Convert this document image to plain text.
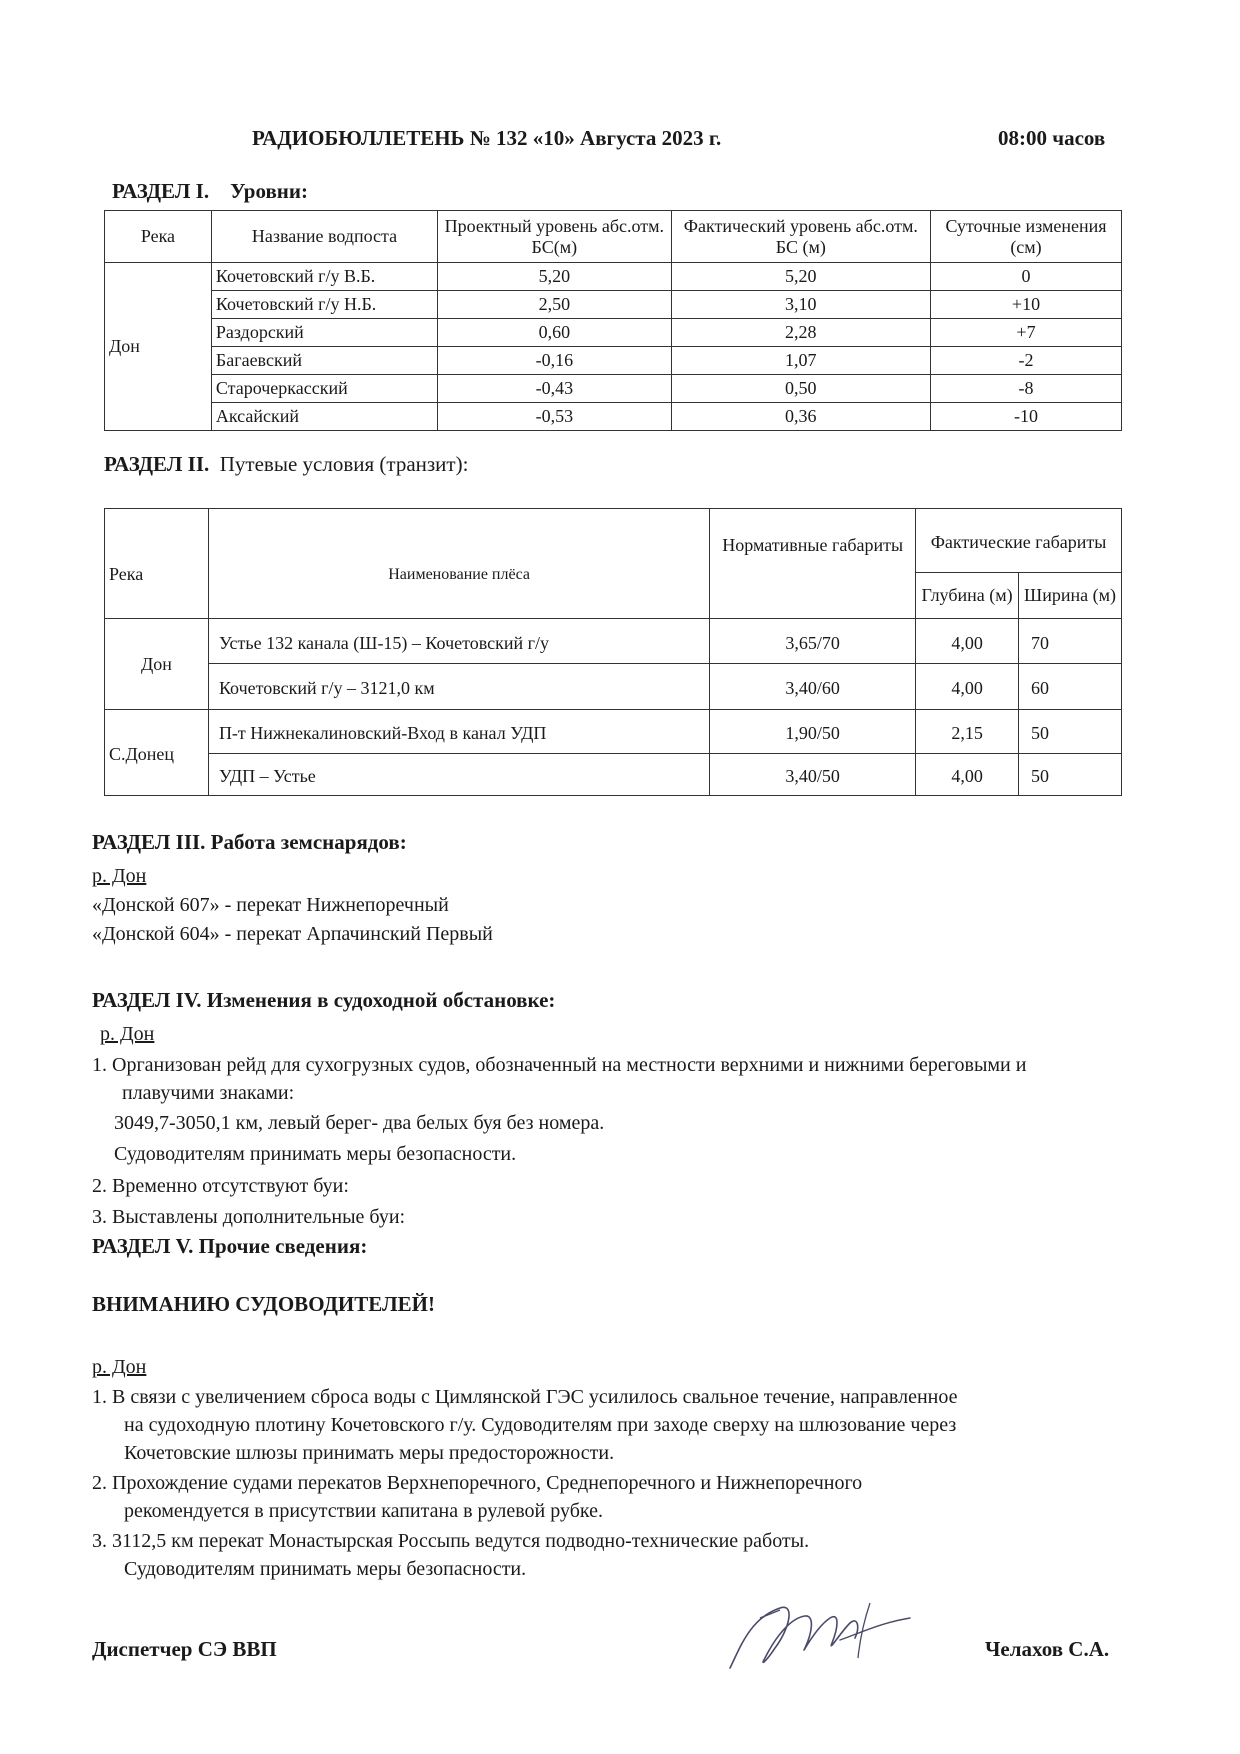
РАДИОБЮЛЛЕТЕНЬ № 132 «10» Августа 2023 г.	08:00 часов
РАЗДЕЛ I. Уровни:
Река	Название водпоста	Проектный уровень абс.отм. БС(м)	Фактический уровень абс.отм. БС (м)	Суточные изменения (см)
Дон	Кочетовский г/у В.Б.	5,20	5,20	0
	Кочетовский г/у Н.Б.	2,50	3,10	+10
	Раздорский	0,60	2,28	+7
	Багаевский	-0,16	1,07	-2
	Старочеркасский	-0,43	0,50	-8
	Аксайский	-0,53	0,36	-10
РАЗДЕЛ II. Путевые условия (транзит):
Река	Наименование плёса	Нормативные габариты	Фактические габариты	
			Глубина (м)	Ширина (м)
Дон	Устье 132 канала (Ш-15) – Кочетовский г/у	3,65/70	4,00	70
	Кочетовский г/у – 3121,0 км	3,40/60	4,00	60
С.Донец	П-т Нижнекалиновский-Вход в канал УДП	1,90/50	2,15	50
	УДП – Устье	3,40/50	4,00	50
РАЗДЕЛ III. Работа земснарядов:
р. Дон
«Донской 607» - перекат Нижнепоречный
«Донской 604» - перекат Арпачинский Первый
РАЗДЕЛ IV. Изменения в судоходной обстановке:
р. Дон
1. Организован рейд для сухогрузных судов, обозначенный на местности верхними и нижними береговыми и
плавучими знаками:
3049,7-3050,1 км, левый берег- два белых буя без номера.
Судоводителям принимать меры безопасности.
2. Временно отсутствуют буи:
3. Выставлены дополнительные буи:
РАЗДЕЛ V. Прочие сведения:
ВНИМАНИЮ СУДОВОДИТЕЛЕЙ!
р. Дон
1. В связи с увеличением сброса воды с Цимлянской ГЭС усилилось свальное течение, направленное
на судоходную плотину Кочетовского г/у. Судоводителям при заходе сверху на шлюзование через
Кочетовские шлюзы принимать меры предосторожности.
2. Прохождение судами перекатов Верхнепоречного, Среднепоречного и Нижнепоречного
рекомендуется в присутствии капитана в рулевой рубке.
3. 3112,5 км перекат Монастырская Россыпь ведутся подводно-технические работы.
Судоводителям принимать меры безопасности.
Диспетчер СЭ ВВП	Челахов С.А.
